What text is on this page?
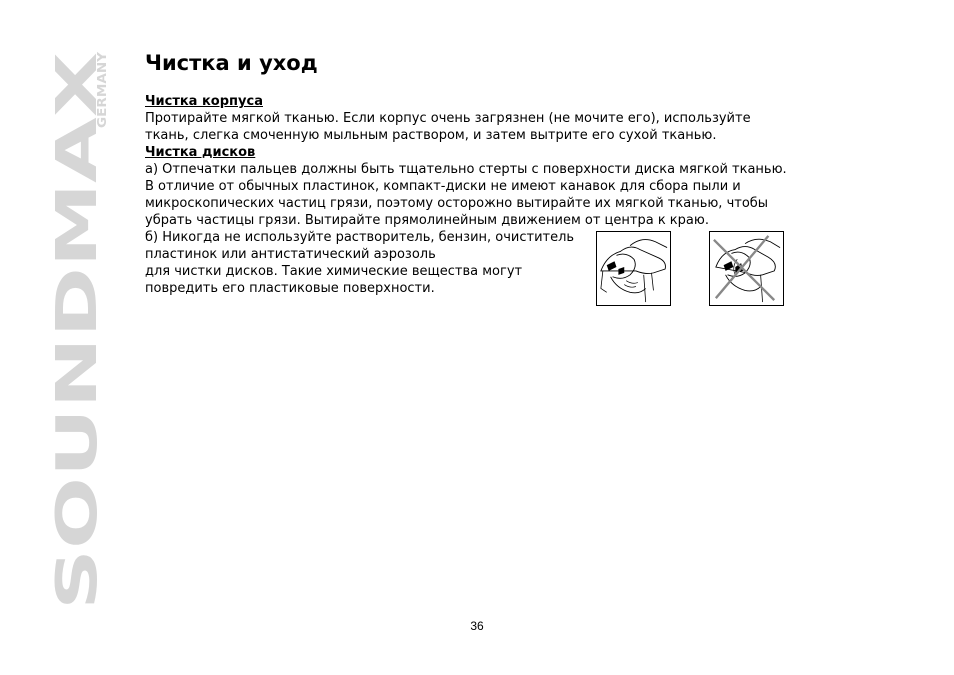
SOUNDMAX
GERMANY Чистка и уход
Чистка корпуса
Протирайте мягкой тканью. Если корпус очень загрязнен (не мочите его), используйте
ткань, слегка смоченную мыльным раствором, и затем вытрите его сухой тканью.
Чистка дисков
а) Отпечатки пальцев должны быть тщательно стерты с поверхности диска мягкой тканью.
В отличие от обычных пластинок, компакт-диски не имеют канавок для сбора пыли и
микроскопических частиц грязи, поэтому осторожно вытирайте их мягкой тканью, чтобы
убрать частицы грязи. Вытирайте прямолинейным движением от центра к краю.
б) Никогда не используйте растворитель, бензин, очиститель
пластинок или антистатический аэрозоль
для чистки дисков. Такие химические вещества могут
повредить его пластиковые поверхности.
36
